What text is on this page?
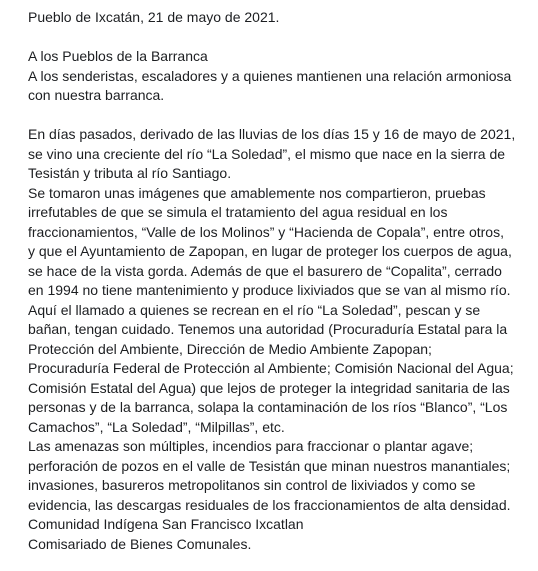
Pueblo de Ixcatán, 21 de mayo de 2021.
A los Pueblos de la Barranca
A los senderistas, escaladores y a quienes mantienen una relación armoniosa
con nuestra barranca.
En días pasados, derivado de las lluvias de los días 15 y 16 de mayo de 2021,
se vino una creciente del río “La Soledad”, el mismo que nace en la sierra de
Tesistán y tributa al río Santiago.
Se tomaron unas imágenes que amablemente nos compartieron, pruebas
irrefutables de que se simula el tratamiento del agua residual en los
fraccionamientos, “Valle de los Molinos” y “Hacienda de Copala”, entre otros,
y que el Ayuntamiento de Zapopan, en lugar de proteger los cuerpos de agua,
se hace de la vista gorda. Además de que el basurero de “Copalita”, cerrado
en 1994 no tiene mantenimiento y produce lixiviados que se van al mismo río.
Aquí el llamado a quienes se recrean en el río “La Soledad”, pescan y se
bañan, tengan cuidado. Tenemos una autoridad (Procuraduría Estatal para la
Protección del Ambiente, Dirección de Medio Ambiente Zapopan;
Procuraduría Federal de Protección al Ambiente; Comisión Nacional del Agua;
Comisión Estatal del Agua) que lejos de proteger la integridad sanitaria de las
personas y de la barranca, solapa la contaminación de los ríos “Blanco”, “Los
Camachos”, “La Soledad”, “Milpillas”, etc.
Las amenazas son múltiples, incendios para fraccionar o plantar agave;
perforación de pozos en el valle de Tesistán que minan nuestros manantiales;
invasiones, basureros metropolitanos sin control de lixiviados y como se
evidencia, las descargas residuales de los fraccionamientos de alta densidad.
Comunidad Indígena San Francisco Ixcatlan
Comisariado de Bienes Comunales.
